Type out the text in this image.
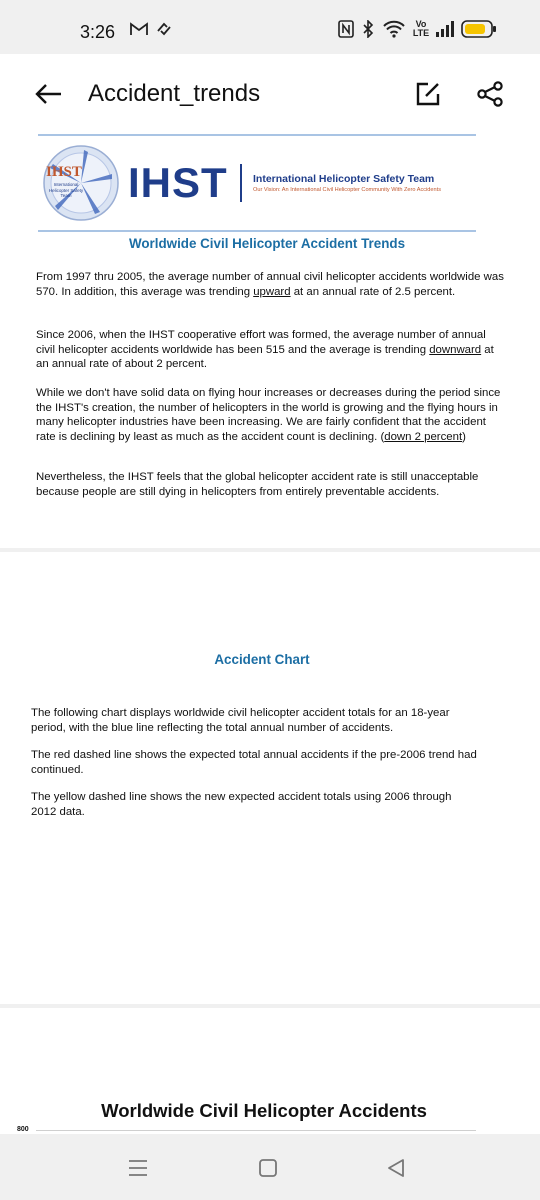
3:26	Vo
LTE
Accident_trends
IHST
International Helicopter Safety Team IHST International Helicopter Safety Team
Our Vision: An International Civil Helicopter Community With Zero Accidents
Worldwide Civil Helicopter Accident Trends
From 1997 thru 2005, the average number of annual civil helicopter accidents worldwide was 570. In addition, this average was trending upward at an annual rate of 2.5 percent.
Since 2006, when the IHST cooperative effort was formed, the average number of annual civil helicopter accidents worldwide has been 515 and the average is trending downward at an annual rate of about 2 percent.
While we don't have solid data on flying hour increases or decreases during the period since the IHST's creation, the number of helicopters in the world is growing and the flying hours in many helicopter industries have been increasing. We are fairly confident that the accident rate is declining by least as much as the accident count is declining. (down 2 percent)
Nevertheless, the IHST feels that the global helicopter accident rate is still unacceptable because people are still dying in helicopters from entirely preventable accidents.
Accident Chart
The following chart displays worldwide civil helicopter accident totals for an 18-year period, with the blue line reflecting the total annual number of accidents.
The red dashed line shows the expected total annual accidents if the pre-2006 trend had continued.
The yellow dashed line shows the new expected accident totals using 2006 through 2012 data.
Worldwide Civil Helicopter Accidents
800
